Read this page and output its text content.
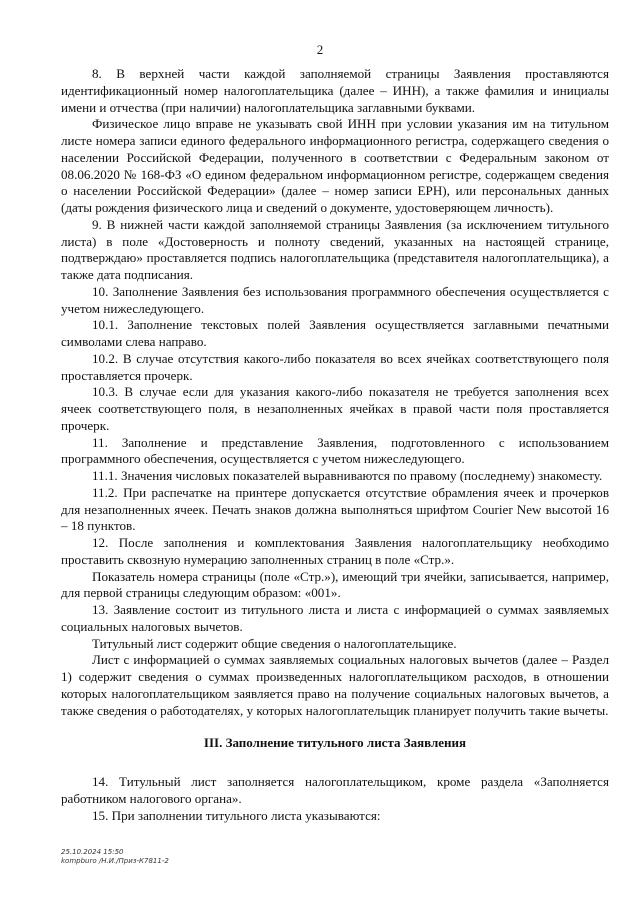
2

8. В верхней части каждой заполняемой страницы Заявления проставляются идентификационный номер налогоплательщика (далее – ИНН), а также фамилия и инициалы имени и отчества (при наличии) налогоплательщика заглавными буквами.

Физическое лицо вправе не указывать свой ИНН при условии указания им на титульном листе номера записи единого федерального информационного регистра, содержащего сведения о населении Российской Федерации, полученного в соответствии с Федеральным законом от 08.06.2020 № 168-ФЗ «О едином федеральном информационном регистре, содержащем сведения о населении Российской Федерации» (далее – номер записи ЕРН), или персональных данных (даты рождения физического лица и сведений о документе, удостоверяющем личность).

9. В нижней части каждой заполняемой страницы Заявления (за исключением титульного листа) в поле «Достоверность и полноту сведений, указанных на настоящей странице, подтверждаю» проставляется подпись налогоплательщика (представителя налогоплательщика), а также дата подписания.

10. Заполнение Заявления без использования программного обеспечения осуществляется с учетом нижеследующего.

10.1. Заполнение текстовых полей Заявления осуществляется заглавными печатными символами слева направо.

10.2. В случае отсутствия какого-либо показателя во всех ячейках соответствующего поля проставляется прочерк.

10.3. В случае если для указания какого-либо показателя не требуется заполнения всех ячеек соответствующего поля, в незаполненных ячейках в правой части поля проставляется прочерк.

11. Заполнение и представление Заявления, подготовленного с использованием программного обеспечения, осуществляется с учетом нижеследующего.

11.1. Значения числовых показателей выравниваются по правому (последнему) знакоместу.

11.2. При распечатке на принтере допускается отсутствие обрамления ячеек и прочерков для незаполненных ячеек. Печать знаков должна выполняться шрифтом Courier New высотой 16 – 18 пунктов.

12. После заполнения и комплектования Заявления налогоплательщику необходимо проставить сквозную нумерацию заполненных страниц в поле «Стр.».

Показатель номера страницы (поле «Стр.»), имеющий три ячейки, записывается, например, для первой страницы следующим образом: «001».

13. Заявление состоит из титульного листа и листа с информацией о суммах заявляемых социальных налоговых вычетов.

Титульный лист содержит общие сведения о налогоплательщике.

Лист с информацией о суммах заявляемых социальных налоговых вычетов (далее – Раздел 1) содержит сведения о суммах произведенных налогоплательщиком расходов, в отношении которых налогоплательщиком заявляется право на получение социальных налоговых вычетов, а также сведения о работодателях, у которых налогоплательщик планирует получить такие вычеты.

III. Заполнение титульного листа Заявления

14. Титульный лист заполняется налогоплательщиком, кроме раздела «Заполняется работником налогового органа».

15. При заполнении титульного листа указываются:

25.10.2024 15:50
kompburo /Н.И./Приз-К7811-2
